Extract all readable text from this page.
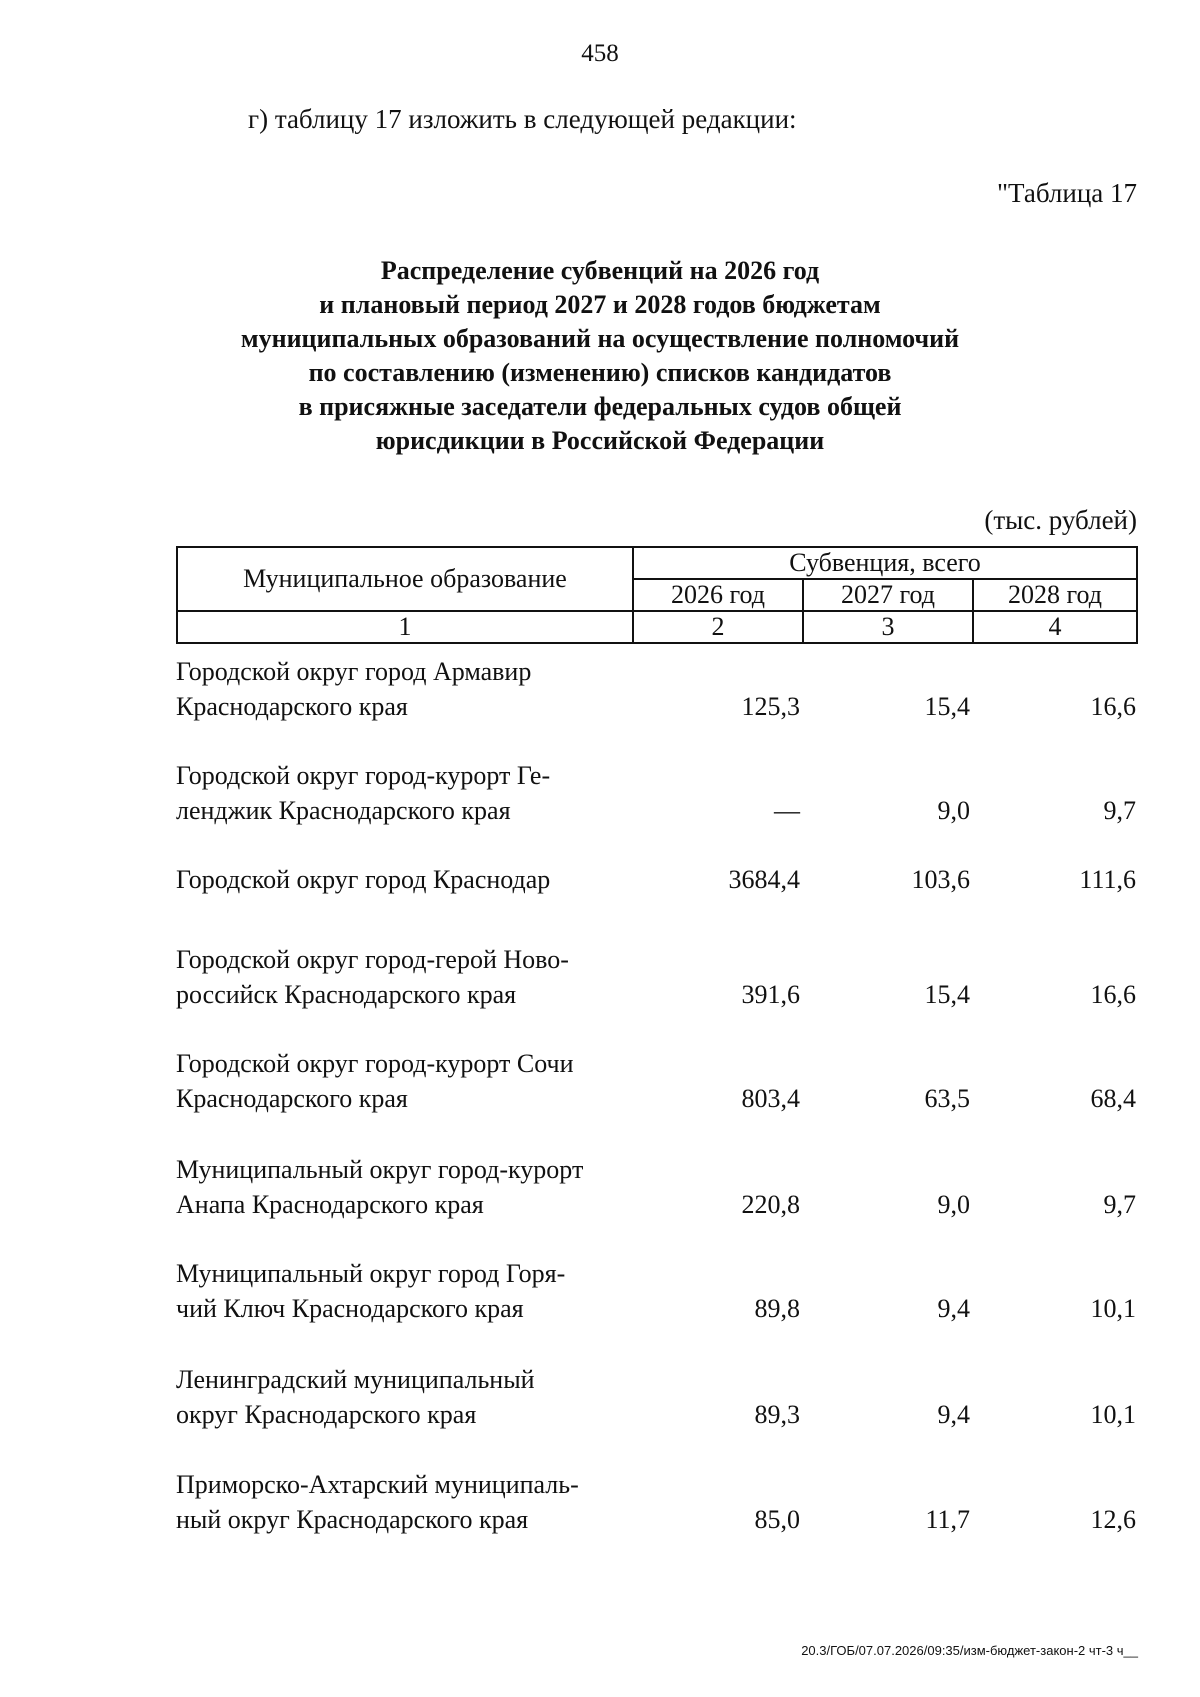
458
г) таблицу 17 изложить в следующей редакции:
"Таблица 17
Распределение субвенций на 2026 год
и плановый период 2027 и 2028 годов бюджетам
муниципальных образований на осуществление полномочий
по составлению (изменению) списков кандидатов
в присяжные заседатели федеральных судов общей
юрисдикции в Российской Федерации
(тыс. рублей)
Муниципальное образование	Субвенция, всего		
	2026 год	2027 год	2028 год
1	2	3	4
Городской округ город Армавир
Краснодарского края	125,3	15,4	16,6
Городской округ город-курорт Ге-
ленджик Краснодарского края	—	9,0	9,7
Городской округ город Краснодар	3684,4	103,6	111,6
Городской округ город-герой Ново-
российск Краснодарского края	391,6	15,4	16,6
Городской округ город-курорт Сочи
Краснодарского края	803,4	63,5	68,4
Муниципальный округ город-курорт
Анапа Краснодарского края	220,8	9,0	9,7
Муниципальный округ город Горя-
чий Ключ Краснодарского края	89,8	9,4	10,1
Ленинградский муниципальный
округ Краснодарского края	89,3	9,4	10,1
Приморско-Ахтарский муниципаль-
ный округ Краснодарского края	85,0	11,7	12,6
20.3/ГОБ/07.07.2026/09:35/изм-бюджет-закон-2 чт-3 ч__
